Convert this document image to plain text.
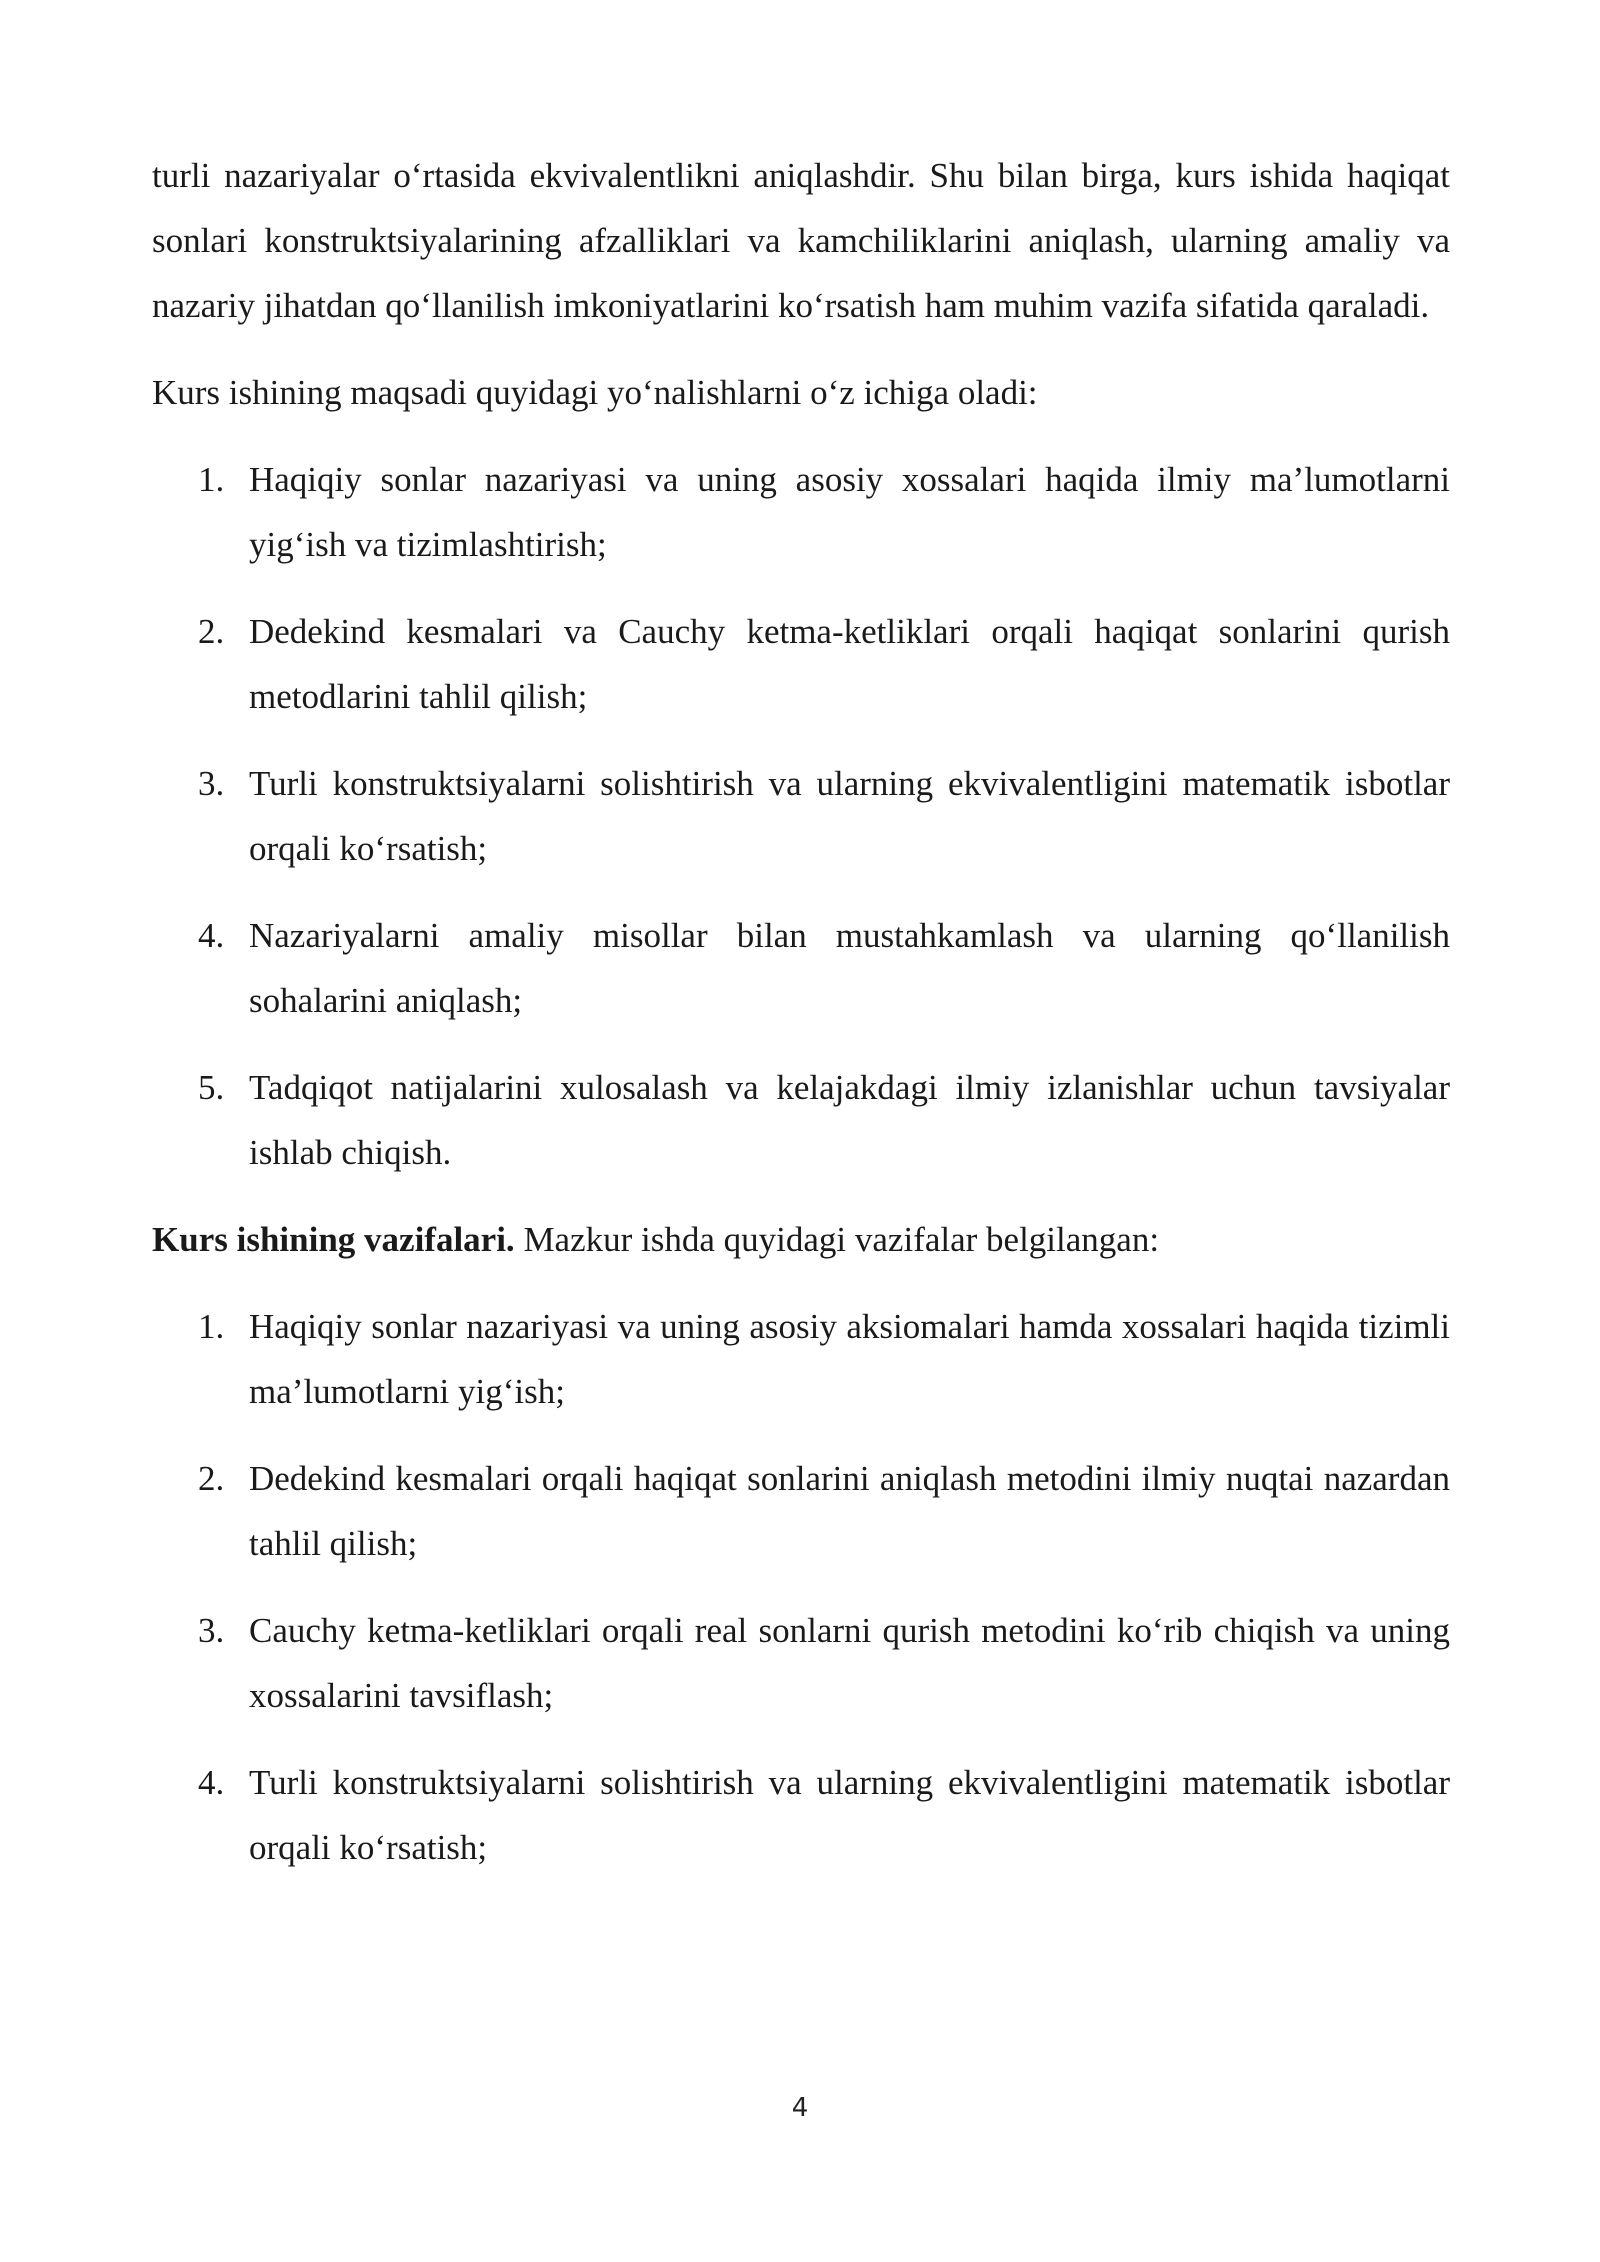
turli nazariyalar o‘rtasida ekvivalentlikni aniqlashdir. Shu bilan birga, kurs ishida haqiqat sonlari konstruktsiyalarining afzalliklari va kamchiliklarini aniqlash, ularning amaliy va nazariy jihatdan qo‘llanilish imkoniyatlarini ko‘rsatish ham muhim vazifa sifatida qaraladi.

Kurs ishining maqsadi quyidagi yo‘nalishlarni o‘z ichiga oladi:

1. Haqiqiy sonlar nazariyasi va uning asosiy xossalari haqida ilmiy ma’lumotlarni yig‘ish va tizimlashtirish;
2. Dedekind kesmalari va Cauchy ketma-ketliklari orqali haqiqat sonlarini qurish metodlarini tahlil qilish;
3. Turli konstruktsiyalarni solishtirish va ularning ekvivalentligini matematik isbotlar orqali ko‘rsatish;
4. Nazariyalarni amaliy misollar bilan mustahkamlash va ularning qo‘llanilish sohalarini aniqlash;
5. Tadqiqot natijalarini xulosalash va kelajakdagi ilmiy izlanishlar uchun tavsiyalar ishlab chiqish.

Kurs ishining vazifalari. Mazkur ishda quyidagi vazifalar belgilangan:

1. Haqiqiy sonlar nazariyasi va uning asosiy aksiomalari hamda xossalari haqida tizimli ma’lumotlarni yig‘ish;
2. Dedekind kesmalari orqali haqiqat sonlarini aniqlash metodini ilmiy nuqtai nazardan tahlil qilish;
3. Cauchy ketma-ketliklari orqali real sonlarni qurish metodini ko‘rib chiqish va uning xossalarini tavsiflash;
4. Turli konstruktsiyalarni solishtirish va ularning ekvivalentligini matematik isbotlar orqali ko‘rsatish;
4
